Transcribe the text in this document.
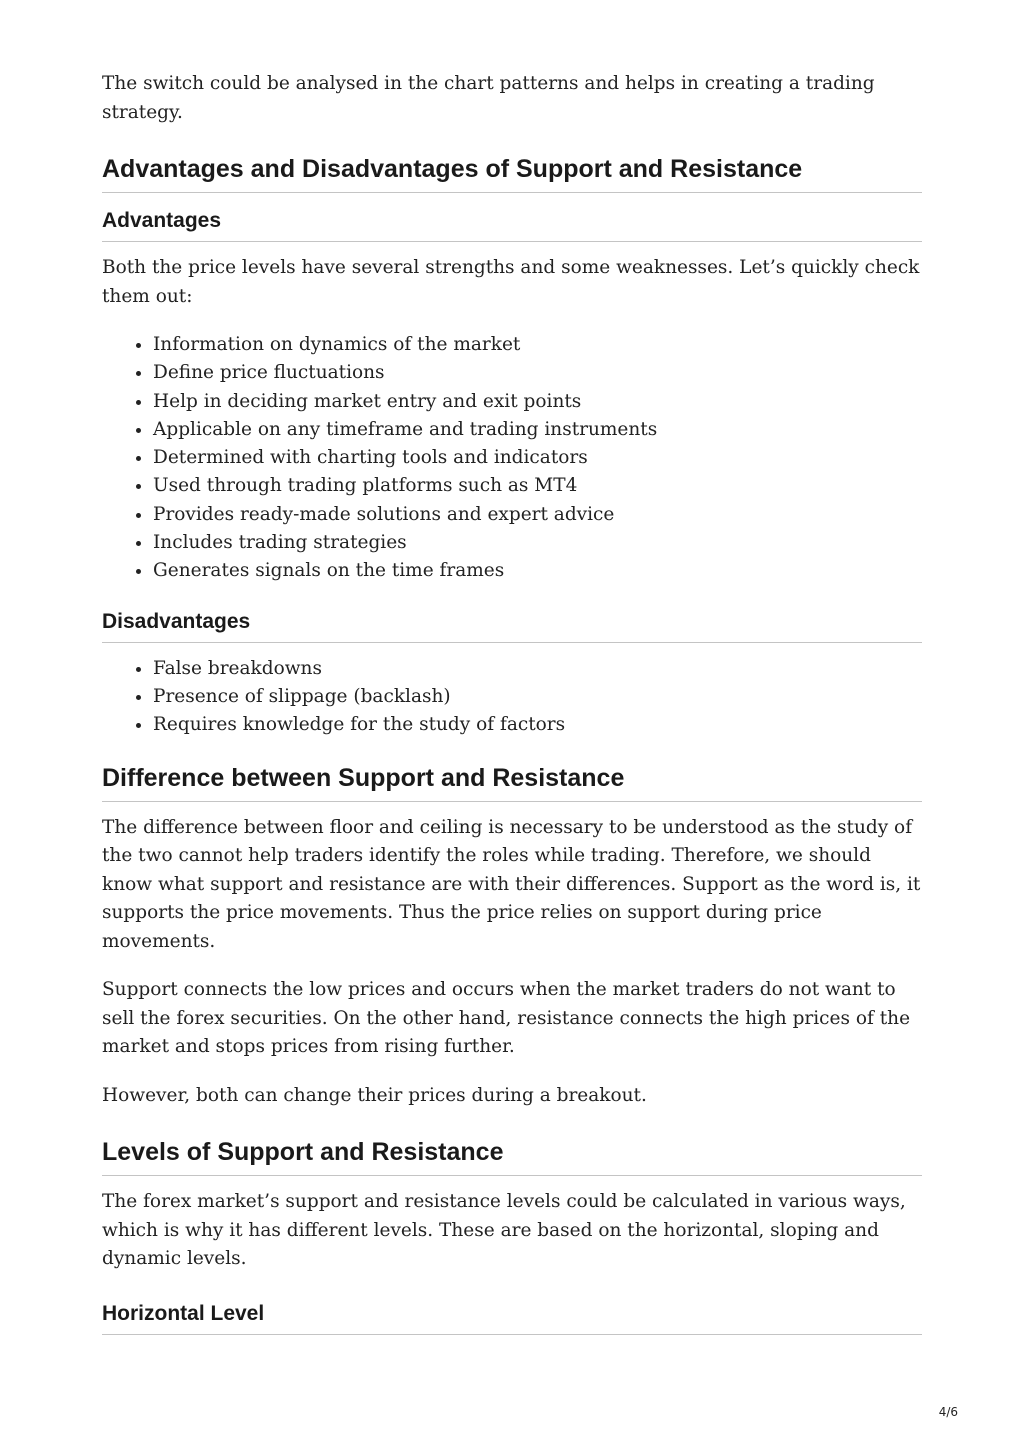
The switch could be analysed in the chart patterns and helps in creating a trading strategy.

Advantages and Disadvantages of Support and Resistance
Advantages

Both the price levels have several strengths and some weaknesses. Let’s quickly check them out:

• Information on dynamics of the market
• Define price fluctuations
• Help in deciding market entry and exit points
• Applicable on any timeframe and trading instruments
• Determined with charting tools and indicators
• Used through trading platforms such as MT4
• Provides ready-made solutions and expert advice
• Includes trading strategies
• Generates signals on the time frames
Disadvantages
• False breakdowns
• Presence of slippage (backlash)
• Requires knowledge for the study of factors
Difference between Support and Resistance

The difference between floor and ceiling is necessary to be understood as the study of the two cannot help traders identify the roles while trading. Therefore, we should know what support and resistance are with their differences. Support as the word is, it supports the price movements. Thus the price relies on support during price movements.

Support connects the low prices and occurs when the market traders do not want to sell the forex securities. On the other hand, resistance connects the high prices of the market and stops prices from rising further.

However, both can change their prices during a breakout.

Levels of Support and Resistance

The forex market’s support and resistance levels could be calculated in various ways, which is why it has different levels. These are based on the horizontal, sloping and dynamic levels.

Horizontal Level
4/6
